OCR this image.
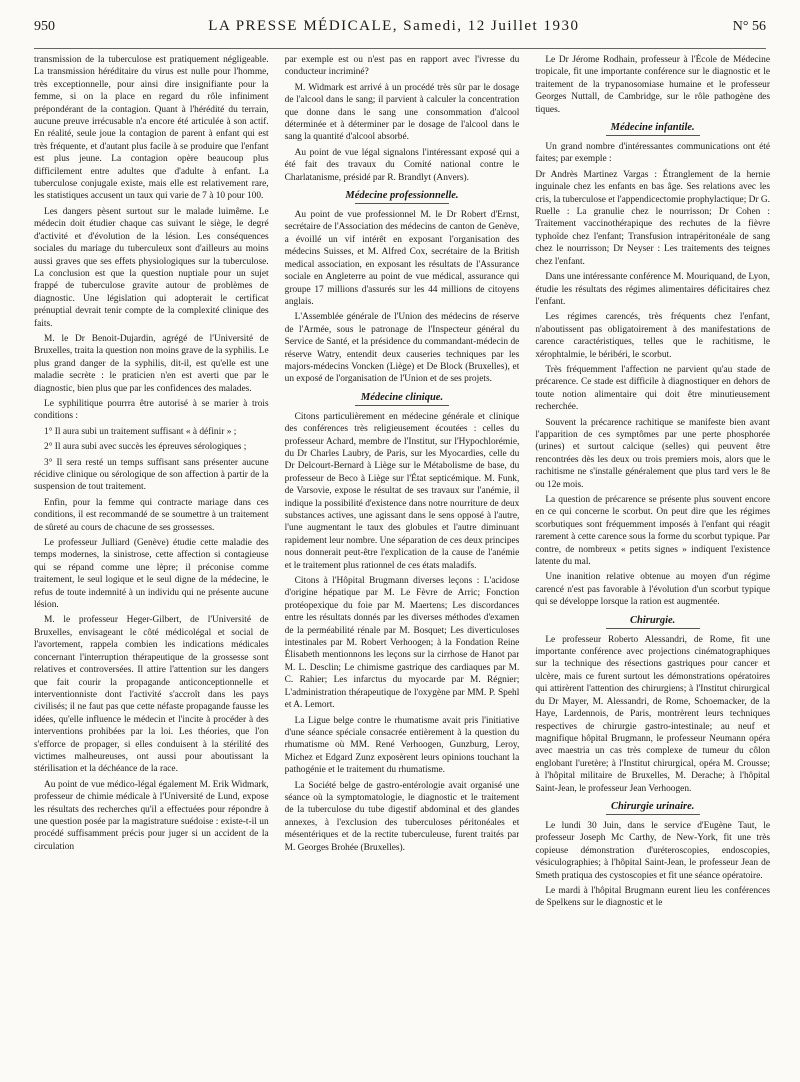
950	LA PRESSE MÉDICALE, Samedi, 12 Juillet 1930	N° 56

transmission de la tuberculose est pratiquement négligeable. La transmission héréditaire du virus est nulle pour l'homme, très exceptionnelle, pour ainsi dire insignifiante pour la femme, si on la place en regard du rôle infiniment prépondérant de la contagion. Quant à l'hérédité du terrain, aucune preuve irrécusable n'a encore été articulée à son actif. En réalité, seule joue la contagion de parent à enfant qui est très fréquente, et d'autant plus facile à se produire que l'enfant est plus jeune. La contagion opère beaucoup plus difficilement entre adultes que d'adulte à enfant. La tuberculose conjugale existe, mais elle est relativement rare, les statistiques accusent un taux qui varie de 7 à 10 pour 100.

Les dangers pèsent surtout sur le malade luimême. Le médecin doit étudier chaque cas suivant le siège, le degré d'activité et d'évolution de la lésion. Les conséquences sociales du mariage du tuberculeux sont d'ailleurs au moins aussi graves que ses effets physiologiques sur la tuberculose. La conclusion est que la question nuptiale pour un sujet frappé de tuberculose gravite autour de problèmes de diagnostic. Une législation qui adopterait le certificat prénuptial devrait tenir compte de la complexité clinique des faits.

M. le Dr Benoit-Dujardin, agrégé de l'Université de Bruxelles, traita la question non moins grave de la syphilis. Le plus grand danger de la syphilis, dit-il, est qu'elle est une maladie secrète : le praticien n'en est averti que par le diagnostic, bien plus que par les confidences des malades.

Le syphilitique pourrra être autorisé à se marier à trois conditions :

1° Il aura subi un traitement suffisant « à définir » ;

2° Il aura subi avec succès les épreuves sérologiques ;

3° Il sera resté un temps suffisant sans présenter aucune récidive clinique ou sérologique de son affection à partir de la suspension de tout traitement.

Enfin, pour la femme qui contracte mariage dans ces conditions, il est recommandé de se soumettre à un traitement de sûreté au cours de chacune de ses grossesses.

Le professeur Julliard (Genève) étudie cette maladie des temps modernes, la sinistrose, cette affection si contagieuse qui se répand comme une lèpre; il préconise comme traitement, le seul logique et le seul digne de la médecine, le refus de toute indemnité à un individu qui ne présente aucune lésion.

M. le professeur Heger-Gilbert, de l'Université de Bruxelles, envisageant le côté médicolégal et social de l'avortement, rappela combien les indications médicales concernant l'interruption thérapeutique de la grossesse sont relatives et controversées. Il attire l'attention sur les dangers que fait courir la propagande anticonceptionnelle et interventionniste dont l'activité s'accroît dans les pays civilisés; il ne faut pas que cette néfaste propagande fausse les idées, qu'elle influence le médecin et l'incite à procéder à des interventions prohibées par la loi. Les théories, que l'on s'efforce de propager, si elles conduisent à la stérilité des victimes malheureuses, ont aussi pour aboutissant la stérilisation et la déchéance de la race.

Au point de vue médico-légal également M. Erik Widmark, professeur de chimie médicale à l'Université de Lund, expose les résultats des recherches qu'il a effectuées pour répondre à une question posée par la magistrature suédoise : existe-t-il un procédé suffisamment précis pour juger si un accident de la circulation

par exemple est ou n'est pas en rapport avec l'ivresse du conducteur incriminé?

M. Widmark est arrivé à un procédé très sûr par le dosage de l'alcool dans le sang; il parvient à calculer la concentration que donne dans le sang une consommation d'alcool déterminée et à déterminer par le dosage de l'alcool dans le sang la quantité d'alcool absorbé.

Au point de vue légal signalons l'intéressant exposé qui a été fait des travaux du Comité national contre le Charlatanisme, présidé par R. Brandlyt (Anvers).

Médecine professionnelle.

Au point de vue professionnel M. le Dr Robert d'Ernst, secrétaire de l'Association des médecins de canton de Genève, a évoillé un vif intérêt en exposant l'organisation des médecins Suisses, et M. Alfred Cox, secrétaire de la British medical association, en exposant les résultats de l'Assurance sociale en Angleterre au point de vue médical, assurance qui groupe 17 millions d'assurés sur les 44 millions de citoyens anglais.

L'Assemblée générale de l'Union des médecins de réserve de l'Armée, sous le patronage de l'Inspecteur général du Service de Santé, et la présidence du commandant-médecin de réserve Watry, entendit deux causeries techniques par les majors-médecins Voncken (Liège) et De Block (Bruxelles), et un exposé de l'organisation de l'Union et de ses projets.

Médecine clinique.

Citons particulièrement en médecine générale et clinique des conférences très religieusement écoutées : celles du professeur Achard, membre de l'Institut, sur l'Hypochlorémie, du Dr Charles Laubry, de Paris, sur les Myocardies, celle du Dr Delcourt-Bernard à Liège sur le Métabolisme de base, du professeur de Beco à Liège sur l'État septicémique. M. Funk, de Varsovie, expose le résultat de ses travaux sur l'anémie, il indique la possibilité d'existence dans notre nourriture de deux substances actives, une agissant dans le sens opposé à l'autre, l'une augmentant le taux des globules et l'autre diminuant rapidement leur nombre. Une séparation de ces deux principes nous donnerait peut-être l'explication de la cause de l'anémie et le traitement plus rationnel de ces états maladifs.

Citons à l'Hôpital Brugmann diverses leçons : L'acidose d'origine hépatique par M. Le Fèvre de Arric; Fonction protéopexique du foie par M. Maertens; Les discordances entre les résultats donnés par les diverses méthodes d'examen de la perméabilité rénale par M. Bosquet; Les diverticuloses intestinales par M. Robert Verhoogen; à la Fondation Reine Élisabeth mentionnons les leçons sur la cirrhose de Hanot par M. L. Desclin; Le chimisme gastrique des cardiaques par M. C. Rahier; Les infarctus du myocarde par M. Régnier; L'administration thérapeutique de l'oxygène par MM. P. Spehl et A. Lemort.

La Ligue belge contre le rhumatisme avait pris l'initiative d'une séance spéciale consacrée entièrement à la question du rhumatisme où MM. René Verhoogen, Gunzburg, Leroy, Michez et Edgard Zunz exposèrent leurs opinions touchant la pathogénie et le traitement du rhumatisme.

La Société belge de gastro-entérologie avait organisé une séance où la symptomatologie, le diagnostic et le traitement de la tuberculose du tube digestif abdominal et des glandes annexes, à l'exclusion des tuberculoses péritonéales et mésentériques et de la rectite tuberculeuse, furent traités par M. Georges Brohée (Bruxelles).

Le Dr Jérome Rodhain, professeur à l'École de Médecine tropicale, fit une importante conférence sur le diagnostic et le traitement de la trypanosomiase humaine et le professeur Georges Nuttall, de Cambridge, sur le rôle pathogène des tiques.

Médecine infantile.

Un grand nombre d'intéressantes communications ont été faites; par exemple :

Dr Andrès Martinez Vargas : Étranglement de la hernie inguinale chez les enfants en bas âge. Ses relations avec les cris, la tuberculose et l'appendicectomie prophylactique; Dr G. Ruelle : La granulie chez le nourrisson; Dr Cohen : Traitement vaccinothérapique des rechutes de la fièvre typhoïde chez l'enfant; Transfusion intrapéritonéale de sang chez le nourrisson; Dr Neyser : Les traitements des teignes chez l'enfant.

Dans une intéressante conférence M. Mouriquand, de Lyon, étudie les résultats des régimes alimentaires déficitaires chez l'enfant.

Les régimes carencés, très fréquents chez l'enfant, n'aboutissent pas obligatoirement à des manifestations de carence caractéristiques, telles que le rachitisme, le xérophtalmie, le béribéri, le scorbut.

Très fréquemment l'affection ne parvient qu'au stade de précarence. Ce stade est difficile à diagnostiquer en dehors de toute notion alimentaire qui doit être minutieusement recherchée.

Souvent la précarence rachitique se manifeste bien avant l'apparition de ces symptômes par une perte phosphorée (urines) et surtout calcique (selles) qui peuvent être rencontrées dès les deux ou trois premiers mois, alors que le rachitisme ne s'installe généralement que plus tard vers le 8e ou 12e mois.

La question de précarence se présente plus souvent encore en ce qui concerne le scorbut. On peut dire que les régimes scorbutiques sont fréquemment imposés à l'enfant qui réagit rarement à cette carence sous la forme du scorbut typique. Par contre, de nombreux « petits signes » indiquent l'existence latente du mal.

Une inanition relative obtenue au moyen d'un régime carencé n'est pas favorable à l'évolution d'un scorbut typique qui se développe lorsque la ration est augmentée.

Chirurgie.

Le professeur Roberto Alessandri, de Rome, fit une importante conférence avec projections cinématographiques sur la technique des résections gastriques pour cancer et ulcère, mais ce furent surtout les démonstrations opératoires qui attirèrent l'attention des chirurgiens; à l'Institut chirurgical du Dr Mayer, M. Alessandri, de Rome, Schoemacker, de la Haye, Lardennois, de Paris, montrèrent leurs techniques respectives de chirurgie gastro-intestinale; au neuf et magnifique hôpital Brugmann, le professeur Neumann opéra avec maestria un cas très complexe de tumeur du côlon englobant l'uretère; à l'Institut chirurgical, opéra M. Crousse; à l'hôpital militaire de Bruxelles, M. Derache; à l'hôpital Saint-Jean, le professeur Jean Verhoogen.

Chirurgie urinaire.

Le lundi 30 Juin, dans le service d'Eugène Taut, le professeur Joseph Mc Carthy, de New-York, fit une très copieuse démonstration d'uréteroscopies, endoscopies, vésiculographies; à l'hôpital Saint-Jean, le professeur Jean de Smeth pratiqua des cystoscopies et fit une séance opératoire.

Le mardi à l'hôpital Brugmann eurent lieu les conférences de Spelkens sur le diagnostic et le
